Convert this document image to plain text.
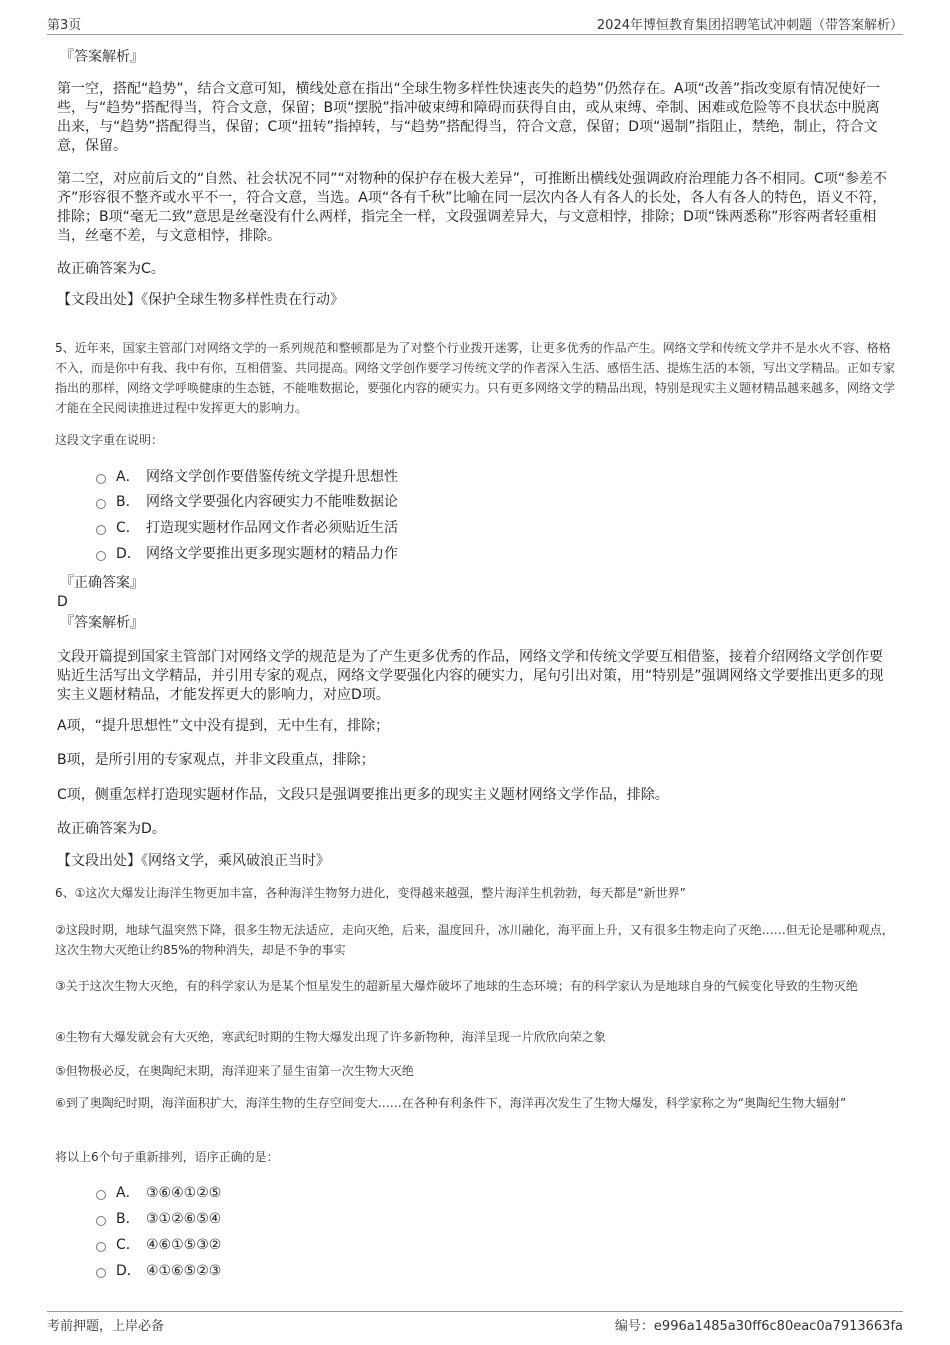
第3页	2024年博恒教育集团招聘笔试冲刺题（带答案解析）
『答案解析』

第一空，搭配“趋势”，结合文意可知，横线处意在指出“全球生物多样性快速丧失的趋势”仍然存在。A项“改善”指改变原有情况使好一些，与“趋势”搭配得当，符合文意，保留；B项“摆脱”指冲破束缚和障碍而获得自由，或从束缚、牵制、困难或危险等不良状态中脱离出来，与“趋势”搭配得当，保留；C项“扭转”指掉转，与“趋势”搭配得当，符合文意，保留；D项“遏制”指阻止，禁绝，制止，符合文意，保留。

第二空，对应前后文的“自然、社会状况不同”“对物种的保护存在极大差异”，可推断出横线处强调政府治理能力各不相同。C项“参差不齐”形容很不整齐或水平不一，符合文意，当选。A项“各有千秋”比喻在同一层次内各人有各人的长处，各人有各人的特色，语义不符，排除；B项“毫无二致”意思是丝毫没有什么两样，指完全一样，文段强调差异大，与文意相悖，排除；D项“铢两悉称”形容两者轻重相当，丝毫不差，与文意相悖，排除。

故正确答案为C。

【文段出处】《保护全球生物多样性贵在行动》

5、近年来，国家主管部门对网络文学的一系列规范和整顿都是为了对整个行业拨开迷雾，让更多优秀的作品产生。网络文学和传统文学并不是水火不容、格格不入，而是你中有我、我中有你，互相借鉴、共同提高。网络文学创作要学习传统文学的作者深入生活、感悟生活、提炼生活的本领，写出文学精品。正如专家指出的那样，网络文学呼唤健康的生态链，不能唯数据论，要强化内容的硬实力。只有更多网络文学的精品出现，特别是现实主义题材精品越来越多，网络文学才能在全民阅读推进过程中发挥更大的影响力。

这段文字重在说明：

A． 网络文学创作要借鉴传统文学提升思想性
B． 网络文学要强化内容硬实力不能唯数据论
C． 打造现实题材作品网文作者必须贴近生活
D． 网络文学要推出更多现实题材的精品力作
『正确答案』
D
『答案解析』

文段开篇提到国家主管部门对网络文学的规范是为了产生更多优秀的作品，网络文学和传统文学要互相借鉴，接着介绍网络文学创作要贴近生活写出文学精品，并引用专家的观点，网络文学要强化内容的硬实力，尾句引出对策，用“特别是”强调网络文学要推出更多的现实主义题材精品，才能发挥更大的影响力，对应D项。

A项，“提升思想性”文中没有提到，无中生有，排除；

B项，是所引用的专家观点，并非文段重点，排除；

C项，侧重怎样打造现实题材作品，文段只是强调要推出更多的现实主义题材网络文学作品，排除。

故正确答案为D。

【文段出处】《网络文学，乘风破浪正当时》

6、①这次大爆发让海洋生物更加丰富，各种海洋生物努力进化，变得越来越强，整片海洋生机勃勃，每天都是“新世界”

②这段时期，地球气温突然下降，很多生物无法适应，走向灭绝，后来，温度回升，冰川融化，海平面上升，又有很多生物走向了灭绝……但无论是哪种观点，这次生物大灭绝让约85%的物种消失，却是不争的事实

③关于这次生物大灭绝，有的科学家认为是某个恒星发生的超新星大爆炸破坏了地球的生态环境；有的科学家认为是地球自身的气候变化导致的生物灭绝

④生物有大爆发就会有大灭绝，寒武纪时期的生物大爆发出现了许多新物种，海洋呈现一片欣欣向荣之象

⑤但物极必反，在奥陶纪末期，海洋迎来了显生宙第一次生物大灭绝

⑥到了奥陶纪时期，海洋面积扩大，海洋生物的生存空间变大……在各种有利条件下，海洋再次发生了生物大爆发，科学家称之为“奥陶纪生物大辐射”

将以上6个句子重新排列，语序正确的是：

A． ③⑥④①②⑤
B． ③①②⑥⑤④
C． ④⑥①⑤③②
D． ④①⑥⑤②③
考前押题，上岸必备	编号：e996a1485a30ff6c80eac0a7913663fa
